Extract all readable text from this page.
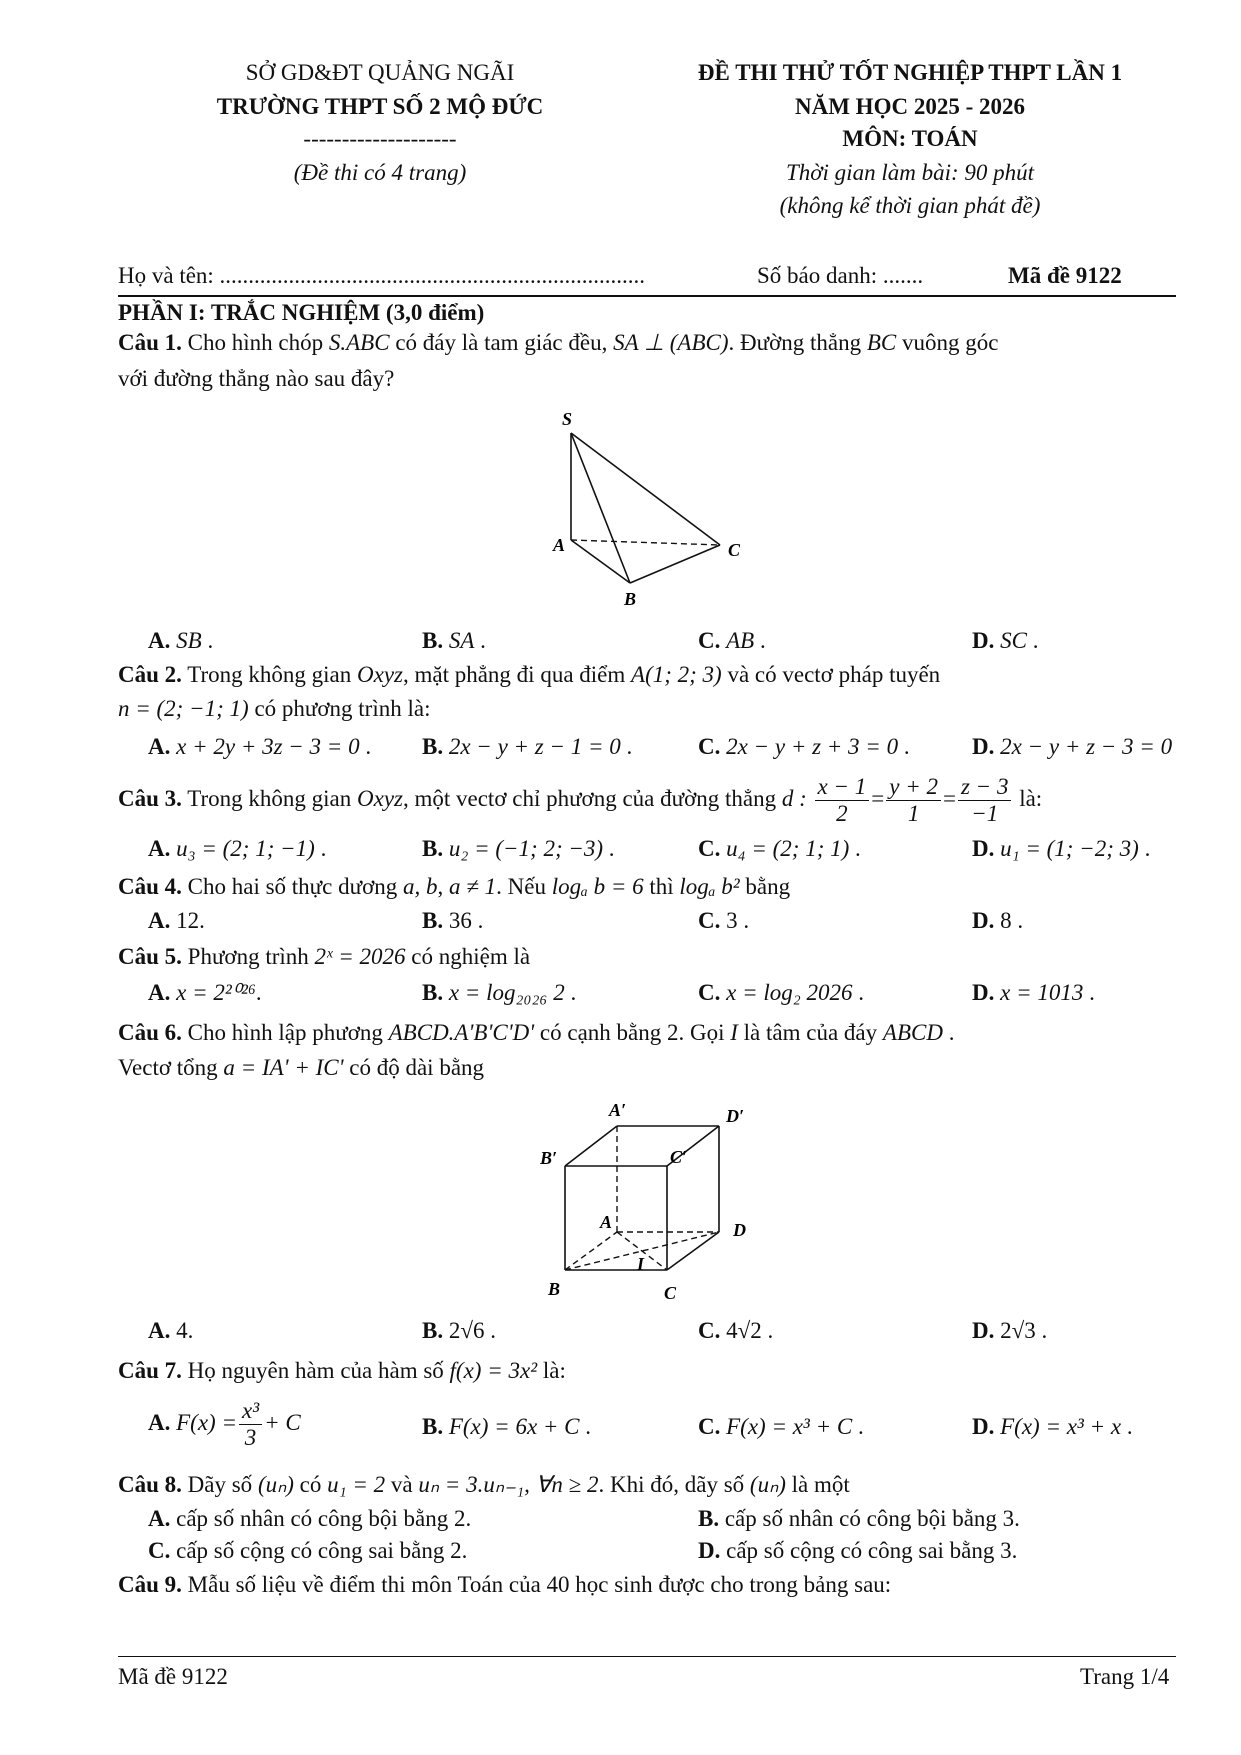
SỞ GD&ĐT QUẢNG NGÃI
TRƯỜNG THPT SỐ 2 MỘ ĐỨC
--------------------
(Đề thi có 4 trang)
ĐỀ THI THỬ TỐT NGHIỆP THPT LẦN 1
NĂM HỌC 2025 - 2026
MÔN: TOÁN
Thời gian làm bài: 90 phút
(không kể thời gian phát đề)
Họ và tên: ..........................................................................	Số báo danh: .......	Mã đề 9122
PHẦN I: TRẮC NGHIỆM (3,0 điểm)
Câu 1. Cho hình chóp S.ABC có đáy là tam giác đều, SA ⊥ (ABC). Đường thẳng BC vuông góc
với đường thẳng nào sau đây?
S
A
B
C
A. SB .	B. SA .	C. AB .	D. SC .
Câu 2. Trong không gian Oxyz, mặt phẳng đi qua điểm A(1; 2; 3) và có vectơ pháp tuyến
n = (2; −1; 1) có phương trình là:
A. x + 2y + 3z − 3 = 0 . B. 2x − y + z − 1 = 0 .	C. 2x − y + z + 3 = 0 .	D. 2x − y + z − 3 = 0
Câu 3. Trong không gian Oxyz, một vectơ chỉ phương của đường thẳng d : $\frac{x - 1}{2} = \frac{y + 2}{1} = \frac{z - 3}{-1}$ là:
A. u₃ = (2; 1; −1) .	B. u₂ = (−1; 2; −3) .	C. u₄ = (2; 1; 1) .	D. u₁ = (1; −2; 3) .
Câu 4. Cho hai số thực dương a, b, a ≠ 1. Nếu logₐ b = 6 thì logₐ b² bằng
A. 12.	B. 36 .	C. 3 .	D. 8 .
Câu 5. Phương trình 2ˣ = 2026 có nghiệm là
A. x = 2²⁰²⁶.	B. x = log₂₀₂₆ 2 .	C. x = log₂ 2026 .	D. x = 1013 .
Câu 6. Cho hình lập phương ABCD.A'B'C'D' có cạnh bằng 2. Gọi I là tâm của đáy ABCD .
Vectơ tổng a = IA' + IC' có độ dài bằng
A′	D′
B′	C′
A	D
I
B	C
A. 4.	B. 2√6 .	C. 4√2 .	D. 2√3 .
Câu 7. Họ nguyên hàm của hàm số f(x) = 3x² là:
A. $F(x) = \frac{\text{x³}}{3} + C$	B. F(x) = 6x + C .	C. F(x) = x³ + C .	D. F(x) = x³ + x .
Câu 8. Dãy số (uₙ) có u₁ = 2 và uₙ = 3.uₙ₋₁, ∀n ≥ 2. Khi đó, dãy số (uₙ) là một
A. cấp số nhân có công bội bằng 2.	B. cấp số nhân có công bội bằng 3.
C. cấp số cộng có công sai bằng 2.	D. cấp số cộng có công sai bằng 3.
Câu 9. Mẫu số liệu về điểm thi môn Toán của 40 học sinh được cho trong bảng sau:
Mã đề 9122	Trang 1/4
